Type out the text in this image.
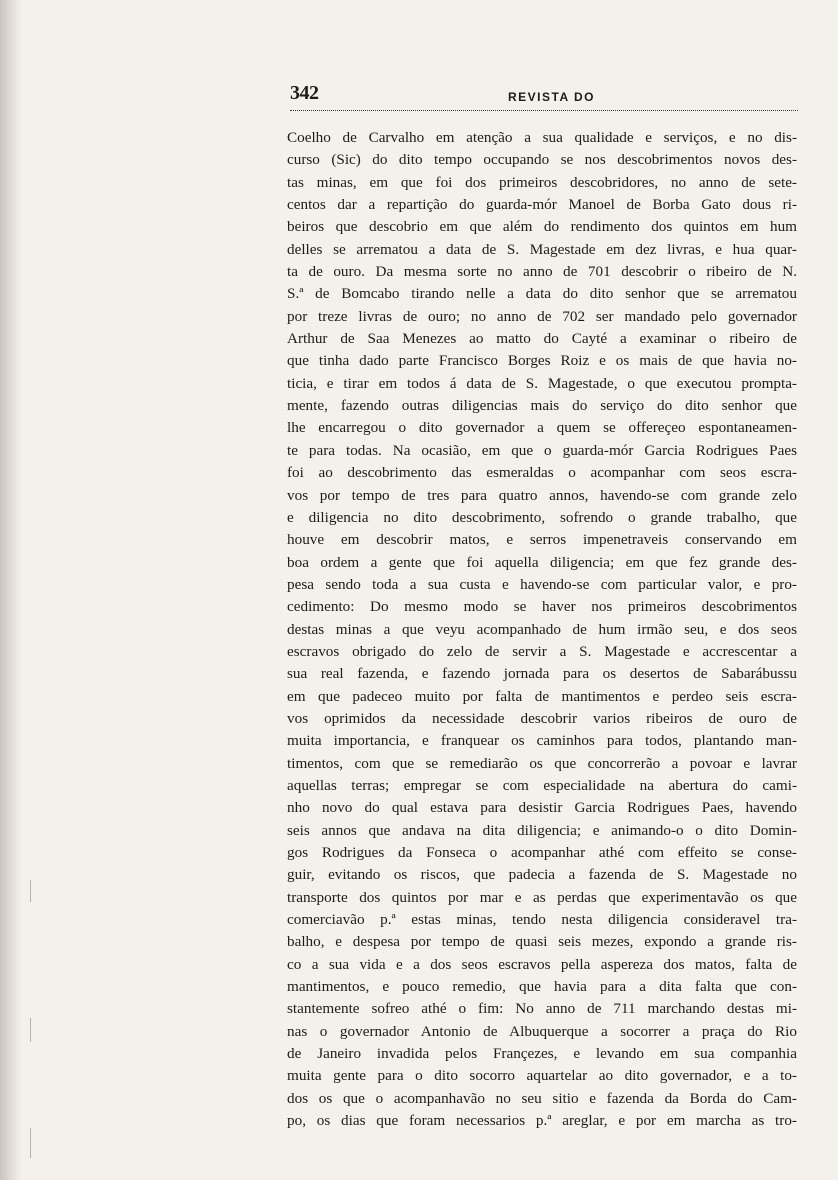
342	REVISTA DO
Coelho de Carvalho em atenção a sua qualidade e serviços, e no dis-
curso (Sic) do dito tempo occupando se nos descobrimentos novos des-
tas minas, em que foi dos primeiros descobridores, no anno de sete-
centos dar a repartição do guarda-mór Manoel de Borba Gato dous ri-
beiros que descobrio em que além do rendimento dos quintos em hum
delles se arrematou a data de S. Magestade em dez livras, e hua quar-
ta de ouro. Da mesma sorte no anno de 701 descobrir o ribeiro de N.
S.ª de Bomcabo tirando nelle a data do dito senhor que se arrematou
por treze livras de ouro; no anno de 702 ser mandado pelo governador
Arthur de Saa Menezes ao matto do Cayté a examinar o ribeiro de
que tinha dado parte Francisco Borges Roiz e os mais de que havia no-
ticia, e tirar em todos á data de S. Magestade, o que executou prompta-
mente, fazendo outras diligencias mais do serviço do dito senhor que
lhe encarregou o dito governador a quem se offereçeo espontaneamen-
te para todas. Na ocasião, em que o guarda-mór Garcia Rodrigues Paes
foi ao descobrimento das esmeraldas o acompanhar com seos escra-
vos por tempo de tres para quatro annos, havendo-se com grande zelo
e diligencia no dito descobrimento, sofrendo o grande trabalho, que
houve em descobrir matos, e serros impenetraveis conservando em
boa ordem a gente que foi aquella diligencia; em que fez grande des-
pesa sendo toda a sua custa e havendo-se com particular valor, e pro-
cedimento: Do mesmo modo se haver nos primeiros descobrimentos
destas minas a que veyu acompanhado de hum irmão seu, e dos seos
escravos obrigado do zelo de servir a S. Magestade e accrescentar a
sua real fazenda, e fazendo jornada para os desertos de Sabarábussu
em que padeceo muito por falta de mantimentos e perdeo seis escra-
vos oprimidos da necessidade descobrir varios ribeiros de ouro de
muita importancia, e franquear os caminhos para todos, plantando man-
timentos, com que se remediarão os que concorrerão a povoar e lavrar
aquellas terras; empregar se com especialidade na abertura do cami-
nho novo do qual estava para desistir Garcia Rodrigues Paes, havendo
seis annos que andava na dita diligencia; e animando-o o dito Domin-
gos Rodrigues da Fonseca o acompanhar athé com effeito se conse-
guir, evitando os riscos, que padecia a fazenda de S. Magestade no
transporte dos quintos por mar e as perdas que experimentavão os que
comerciavão p.ª estas minas, tendo nesta diligencia consideravel tra-
balho, e despesa por tempo de quasi seis mezes, expondo a grande ris-
co a sua vida e a dos seos escravos pella aspereza dos matos, falta de
mantimentos, e pouco remedio, que havia para a dita falta que con-
stantemente sofreo athé o fim: No anno de 711 marchando destas mi-
nas o governador Antonio de Albuquerque a socorrer a praça do Rio
de Janeiro invadida pelos Françezes, e levando em sua companhia
muita gente para o dito socorro aquartelar ao dito governador, e a to-
dos os que o acompanhavão no seu sitio e fazenda da Borda do Cam-
po, os dias que foram necessarios p.ª areglar, e por em marcha as tro-
